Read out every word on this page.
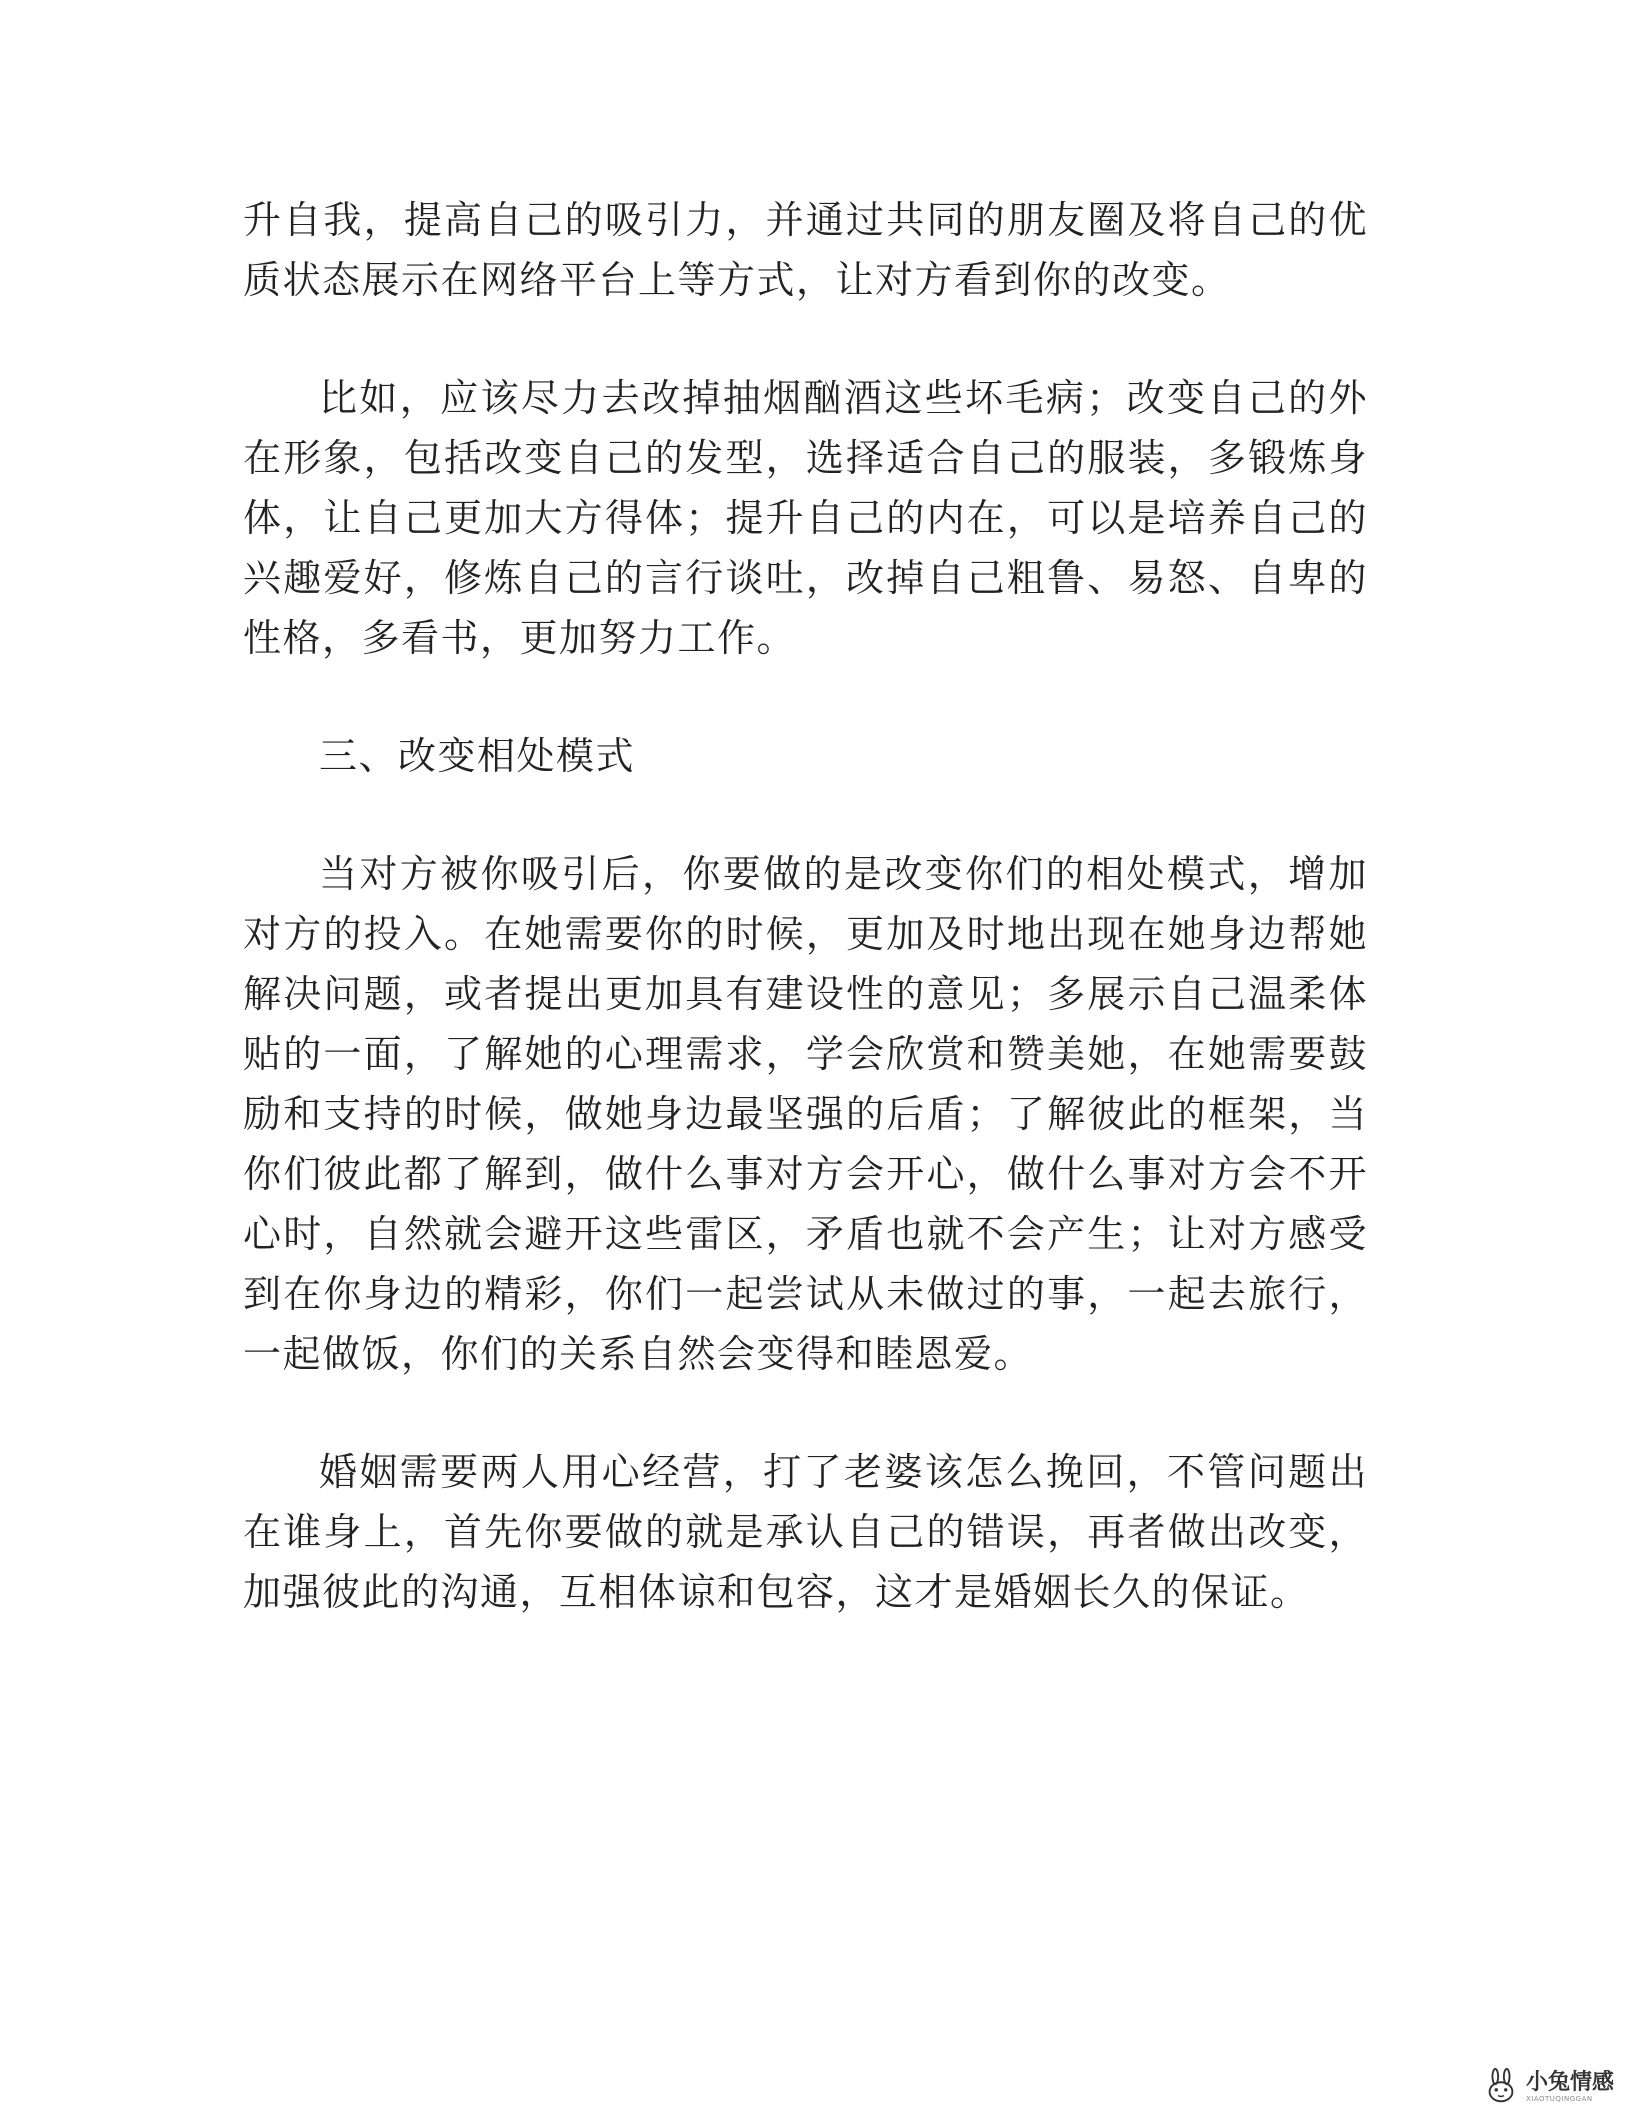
升自我，提高自己的吸引力，并通过共同的朋友圈及将自己的优质状态展示在网络平台上等方式，让对方看到你的改变。

比如，应该尽力去改掉抽烟酗酒这些坏毛病；改变自己的外在形象，包括改变自己的发型，选择适合自己的服装，多锻炼身体，让自己更加大方得体；提升自己的内在，可以是培养自己的兴趣爱好，修炼自己的言行谈吐，改掉自己粗鲁、易怒、自卑的性格，多看书，更加努力工作。

三、改变相处模式

当对方被你吸引后，你要做的是改变你们的相处模式，增加对方的投入。在她需要你的时候，更加及时地出现在她身边帮她解决问题，或者提出更加具有建设性的意见；多展示自己温柔体贴的一面，了解她的心理需求，学会欣赏和赞美她，在她需要鼓励和支持的时候，做她身边最坚强的后盾；了解彼此的框架，当你们彼此都了解到，做什么事对方会开心，做什么事对方会不开心时，自然就会避开这些雷区，矛盾也就不会产生；让对方感受到在你身边的精彩，你们一起尝试从未做过的事，一起去旅行，一起做饭，你们的关系自然会变得和睦恩爱。

婚姻需要两人用心经营，打了老婆该怎么挽回，不管问题出在谁身上，首先你要做的就是承认自己的错误，再者做出改变，加强彼此的沟通，互相体谅和包容，这才是婚姻长久的保证。

小兔情感
XIAOTUQINGGAN
